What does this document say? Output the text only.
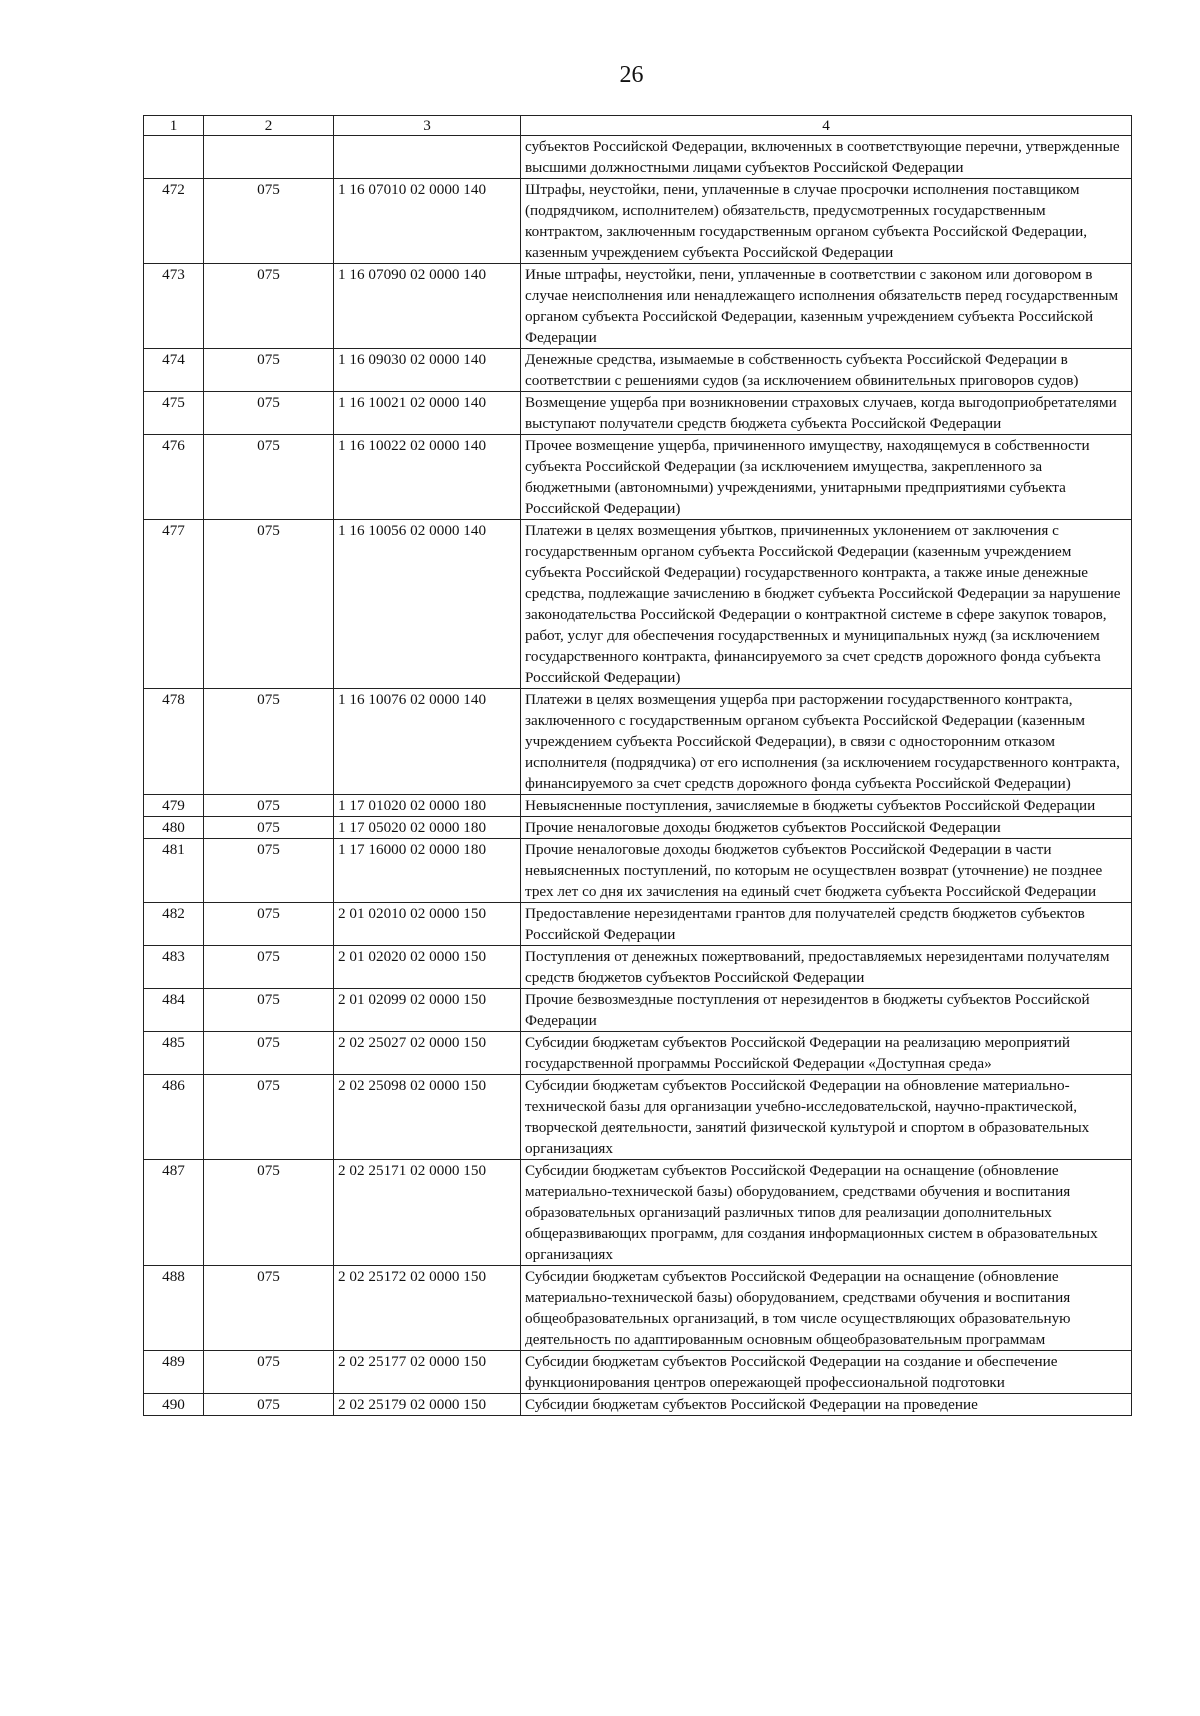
26
1	2	3	4
			субъектов Российской Федерации, включенных в соответствующие перечни, утвержденные высшими должностными лицами субъектов Российской Федерации
472	075	1 16 07010 02 0000 140	Штрафы, неустойки, пени, уплаченные в случае просрочки исполнения поставщиком (подрядчиком, исполнителем) обязательств, предусмотренных государственным контрактом, заключенным государственным органом субъекта Российской Федерации, казенным учреждением субъекта Российской Федерации
473	075	1 16 07090 02 0000 140	Иные штрафы, неустойки, пени, уплаченные в соответствии с законом или договором в случае неисполнения или ненадлежащего исполнения обязательств перед государственным органом субъекта Российской Федерации, казенным учреждением субъекта Российской Федерации
474	075	1 16 09030 02 0000 140	Денежные средства, изымаемые в собственность субъекта Российской Федерации в соответствии с решениями судов (за исключением обвинительных приговоров судов)
475	075	1 16 10021 02 0000 140	Возмещение ущерба при возникновении страховых случаев, когда выгодоприобретателями выступают получатели средств бюджета субъекта Российской Федерации
476	075	1 16 10022 02 0000 140	Прочее возмещение ущерба, причиненного имуществу, находящемуся в собственности субъекта Российской Федерации (за исключением имущества, закрепленного за бюджетными (автономными) учреждениями, унитарными предприятиями субъекта Российской Федерации)
477	075	1 16 10056 02 0000 140	Платежи в целях возмещения убытков, причиненных уклонением от заключения с государственным органом субъекта Российской Федерации (казенным учреждением субъекта Российской Федерации) государственного контракта, а также иные денежные средства, подлежащие зачислению в бюджет субъекта Российской Федерации за нарушение законодательства Российской Федерации о контрактной системе в сфере закупок товаров, работ, услуг для обеспечения государственных и муниципальных нужд (за исключением государственного контракта, финансируемого за счет средств дорожного фонда субъекта Российской Федерации)
478	075	1 16 10076 02 0000 140	Платежи в целях возмещения ущерба при расторжении государственного контракта, заключенного с государственным органом субъекта Российской Федерации (казенным учреждением субъекта Российской Федерации), в связи с односторонним отказом исполнителя (подрядчика) от его исполнения (за исключением государственного контракта, финансируемого за счет средств дорожного фонда субъекта Российской Федерации)
479	075	1 17 01020 02 0000 180	Невыясненные поступления, зачисляемые в бюджеты субъектов Российской Федерации
480	075	1 17 05020 02 0000 180	Прочие неналоговые доходы бюджетов субъектов Российской Федерации
481	075	1 17 16000 02 0000 180	Прочие неналоговые доходы бюджетов субъектов Российской Федерации в части невыясненных поступлений, по которым не осуществлен возврат (уточнение) не позднее трех лет со дня их зачисления на единый счет бюджета субъекта Российской Федерации
482	075	2 01 02010 02 0000 150	Предоставление нерезидентами грантов для получателей средств бюджетов субъектов Российской Федерации
483	075	2 01 02020 02 0000 150	Поступления от денежных пожертвований, предоставляемых нерезидентами получателям средств бюджетов субъектов Российской Федерации
484	075	2 01 02099 02 0000 150	Прочие безвозмездные поступления от нерезидентов в бюджеты субъектов Российской Федерации
485	075	2 02 25027 02 0000 150	Субсидии бюджетам субъектов Российской Федерации на реализацию мероприятий государственной программы Российской Федерации «Доступная среда»
486	075	2 02 25098 02 0000 150	Субсидии бюджетам субъектов Российской Федерации на обновление материально-технической базы для организации учебно-исследовательской, научно-практической, творческой деятельности, занятий физической культурой и спортом в образовательных организациях
487	075	2 02 25171 02 0000 150	Субсидии бюджетам субъектов Российской Федерации на оснащение (обновление материально-технической базы) оборудованием, средствами обучения и воспитания образовательных организаций различных типов для реализации дополнительных общеразвивающих программ, для создания информационных систем в образовательных организациях
488	075	2 02 25172 02 0000 150	Субсидии бюджетам субъектов Российской Федерации на оснащение (обновление материально-технической базы) оборудованием, средствами обучения и воспитания общеобразовательных организаций, в том числе осуществляющих образовательную деятельность по адаптированным основным общеобразовательным программам
489	075	2 02 25177 02 0000 150	Субсидии бюджетам субъектов Российской Федерации на создание и обеспечение функционирования центров опережающей профессиональной подготовки
490	075	2 02 25179 02 0000 150	Субсидии бюджетам субъектов Российской Федерации на проведение
